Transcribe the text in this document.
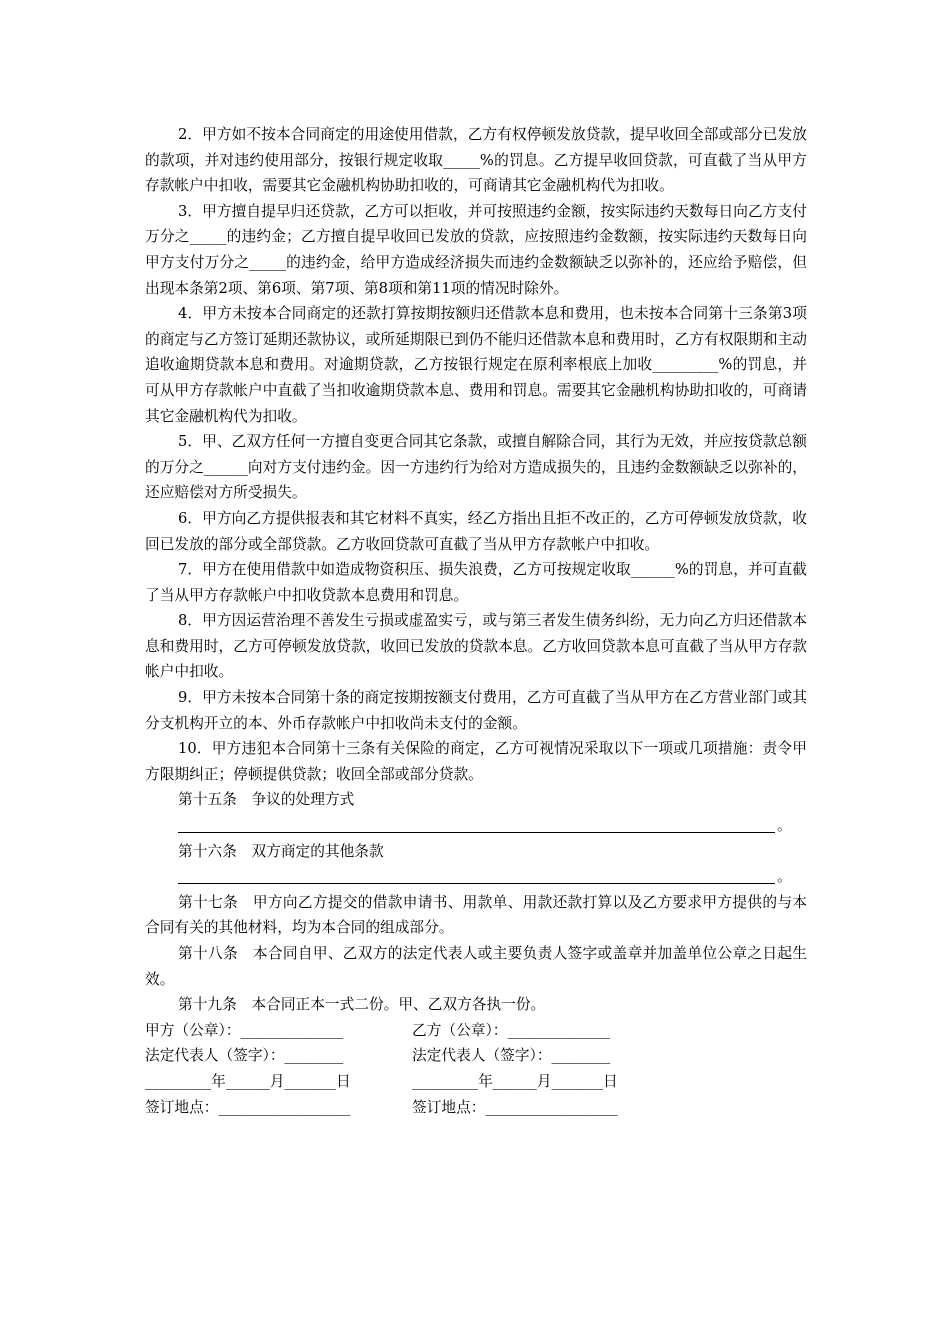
2．甲方如不按本合同商定的用途使用借款，乙方有权停顿发放贷款，提早收回全部或部分已发放的款项，并对违约使用部分，按银行规定收取_____%的罚息。乙方提早收回贷款，可直截了当从甲方存款帐户中扣收，需要其它金融机构协助扣收的，可商请其它金融机构代为扣收。

3．甲方擅自提早归还贷款，乙方可以拒收，并可按照违约金额，按实际违约天数每日向乙方支付万分之_____的违约金；乙方擅自提早收回已发放的贷款，应按照违约金数额，按实际违约天数每日向甲方支付万分之_____的违约金，给甲方造成经济损失而违约金数额缺乏以弥补的，还应给予赔偿，但出现本条第2项、第6项、第7项、第8项和第11项的情况时除外。

4．甲方未按本合同商定的还款打算按期按额归还借款本息和费用，也未按本合同第十三条第3项的商定与乙方签订延期还款协议，或所延期限已到仍不能归还借款本息和费用时，乙方有权限期和主动追收逾期贷款本息和费用。对逾期贷款，乙方按银行规定在原利率根底上加收_________%的罚息，并可从甲方存款帐户中直截了当扣收逾期贷款本息、费用和罚息。需要其它金融机构协助扣收的，可商请其它金融机构代为扣收。

5．甲、乙双方任何一方擅自变更合同其它条款，或擅自解除合同，其行为无效，并应按贷款总额的万分之______向对方支付违约金。因一方违约行为给对方造成损失的，且违约金数额缺乏以弥补的，还应赔偿对方所受损失。

6．甲方向乙方提供报表和其它材料不真实，经乙方指出且拒不改正的，乙方可停顿发放贷款，收回已发放的部分或全部贷款。乙方收回贷款可直截了当从甲方存款帐户中扣收。

7．甲方在使用借款中如造成物资积压、损失浪费，乙方可按规定收取______%的罚息，并可直截了当从甲方存款帐户中扣收贷款本息费用和罚息。

8．甲方因运营治理不善发生亏损或虚盈实亏，或与第三者发生债务纠纷，无力向乙方归还借款本息和费用时，乙方可停顿发放贷款，收回已发放的贷款本息。乙方收回贷款本息可直截了当从甲方存款帐户中扣收。

9．甲方未按本合同第十条的商定按期按额支付费用，乙方可直截了当从甲方在乙方营业部门或其分支机构开立的本、外币存款帐户中扣收尚未支付的金额。

10．甲方违犯本合同第十三条有关保险的商定，乙方可视情况采取以下一项或几项措施：责令甲方限期纠正；停顿提供贷款；收回全部或部分贷款。

第十五条　争议的处理方式

。

第十六条　双方商定的其他条款

。

第十七条　甲方向乙方提交的借款申请书、用款单、用款还款打算以及乙方要求甲方提供的与本合同有关的其他材料，均为本合同的组成部分。

第十八条　本合同自甲、乙双方的法定代表人或主要负责人签字或盖章并加盖单位公章之日起生效。

第十九条　本合同正本一式二份。甲、乙双方各执一份。

甲方（公章）：______________	乙方（公章）：______________
法定代表人（签字）：________	法定代表人（签字）：________
_________年______月_______日	_________年______月_______日
签订地点：__________________	签订地点：__________________
